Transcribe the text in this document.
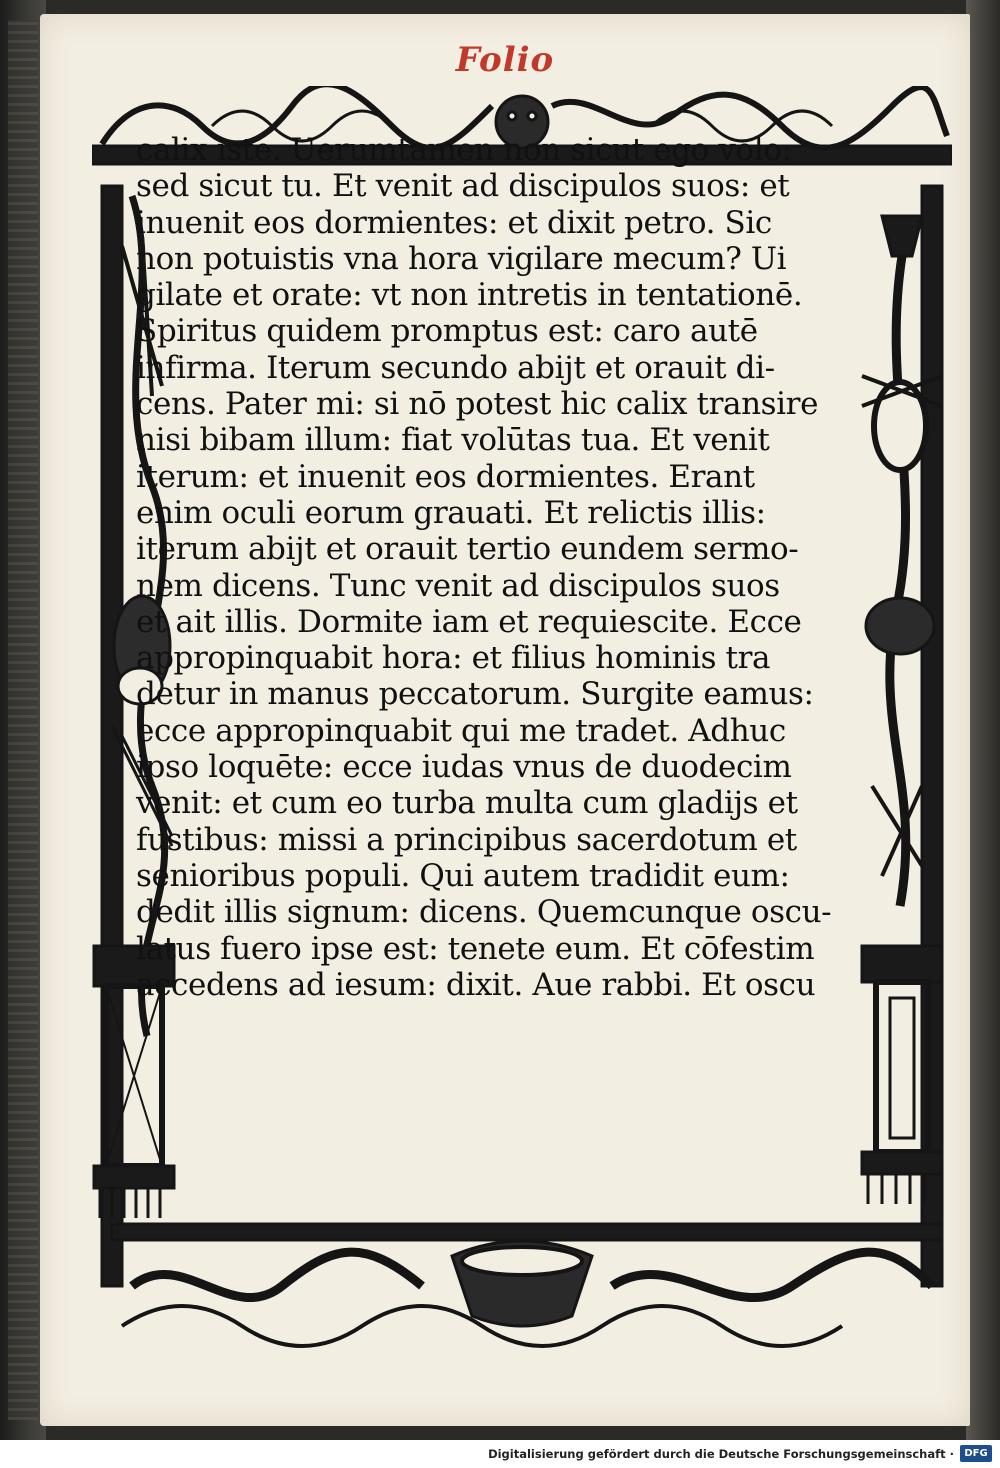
Folio
calix iste. Uerumtamen non sicut ego volo:
sed sicut tu. Et venit ad discipulos suos: et
inuenit eos dormientes: et dixit petro. Sic
non potuistis vna hora vigilare mecum? Ui
gilate et orate: vt non intretis in tentationē.
Spiritus quidem promptus est: caro autē
infirma. Iterum secundo abijt et orauit di-
cens. Pater mi: si nō potest hic calix transire
nisi bibam illum: fiat volūtas tua. Et venit
iterum: et inuenit eos dormientes. Erant
enim oculi eorum grauati. Et relictis illis:
iterum abijt et orauit tertio eundem sermo-
nem dicens. Tunc venit ad discipulos suos
et ait illis. Dormite iam et requiescite. Ecce
appropinquabit hora: et filius hominis tra
detur in manus peccatorum. Surgite eamus:
ecce appropinquabit qui me tradet. Adhuc
ipso loquēte: ecce iudas vnus de duodecim
venit: et cum eo turba multa cum gladijs et
fustibus: missi a principibus sacerdotum et
senioribus populi. Qui autem tradidit eum:
dedit illis signum: dicens. Quemcunque oscu-
latus fuero ipse est: tenete eum. Et cōfestim
accedens ad iesum: dixit. Aue rabbi. Et oscu
Digitalisierung gefördert durch die Deutsche Forschungsgemeinschaft ·	DFG
